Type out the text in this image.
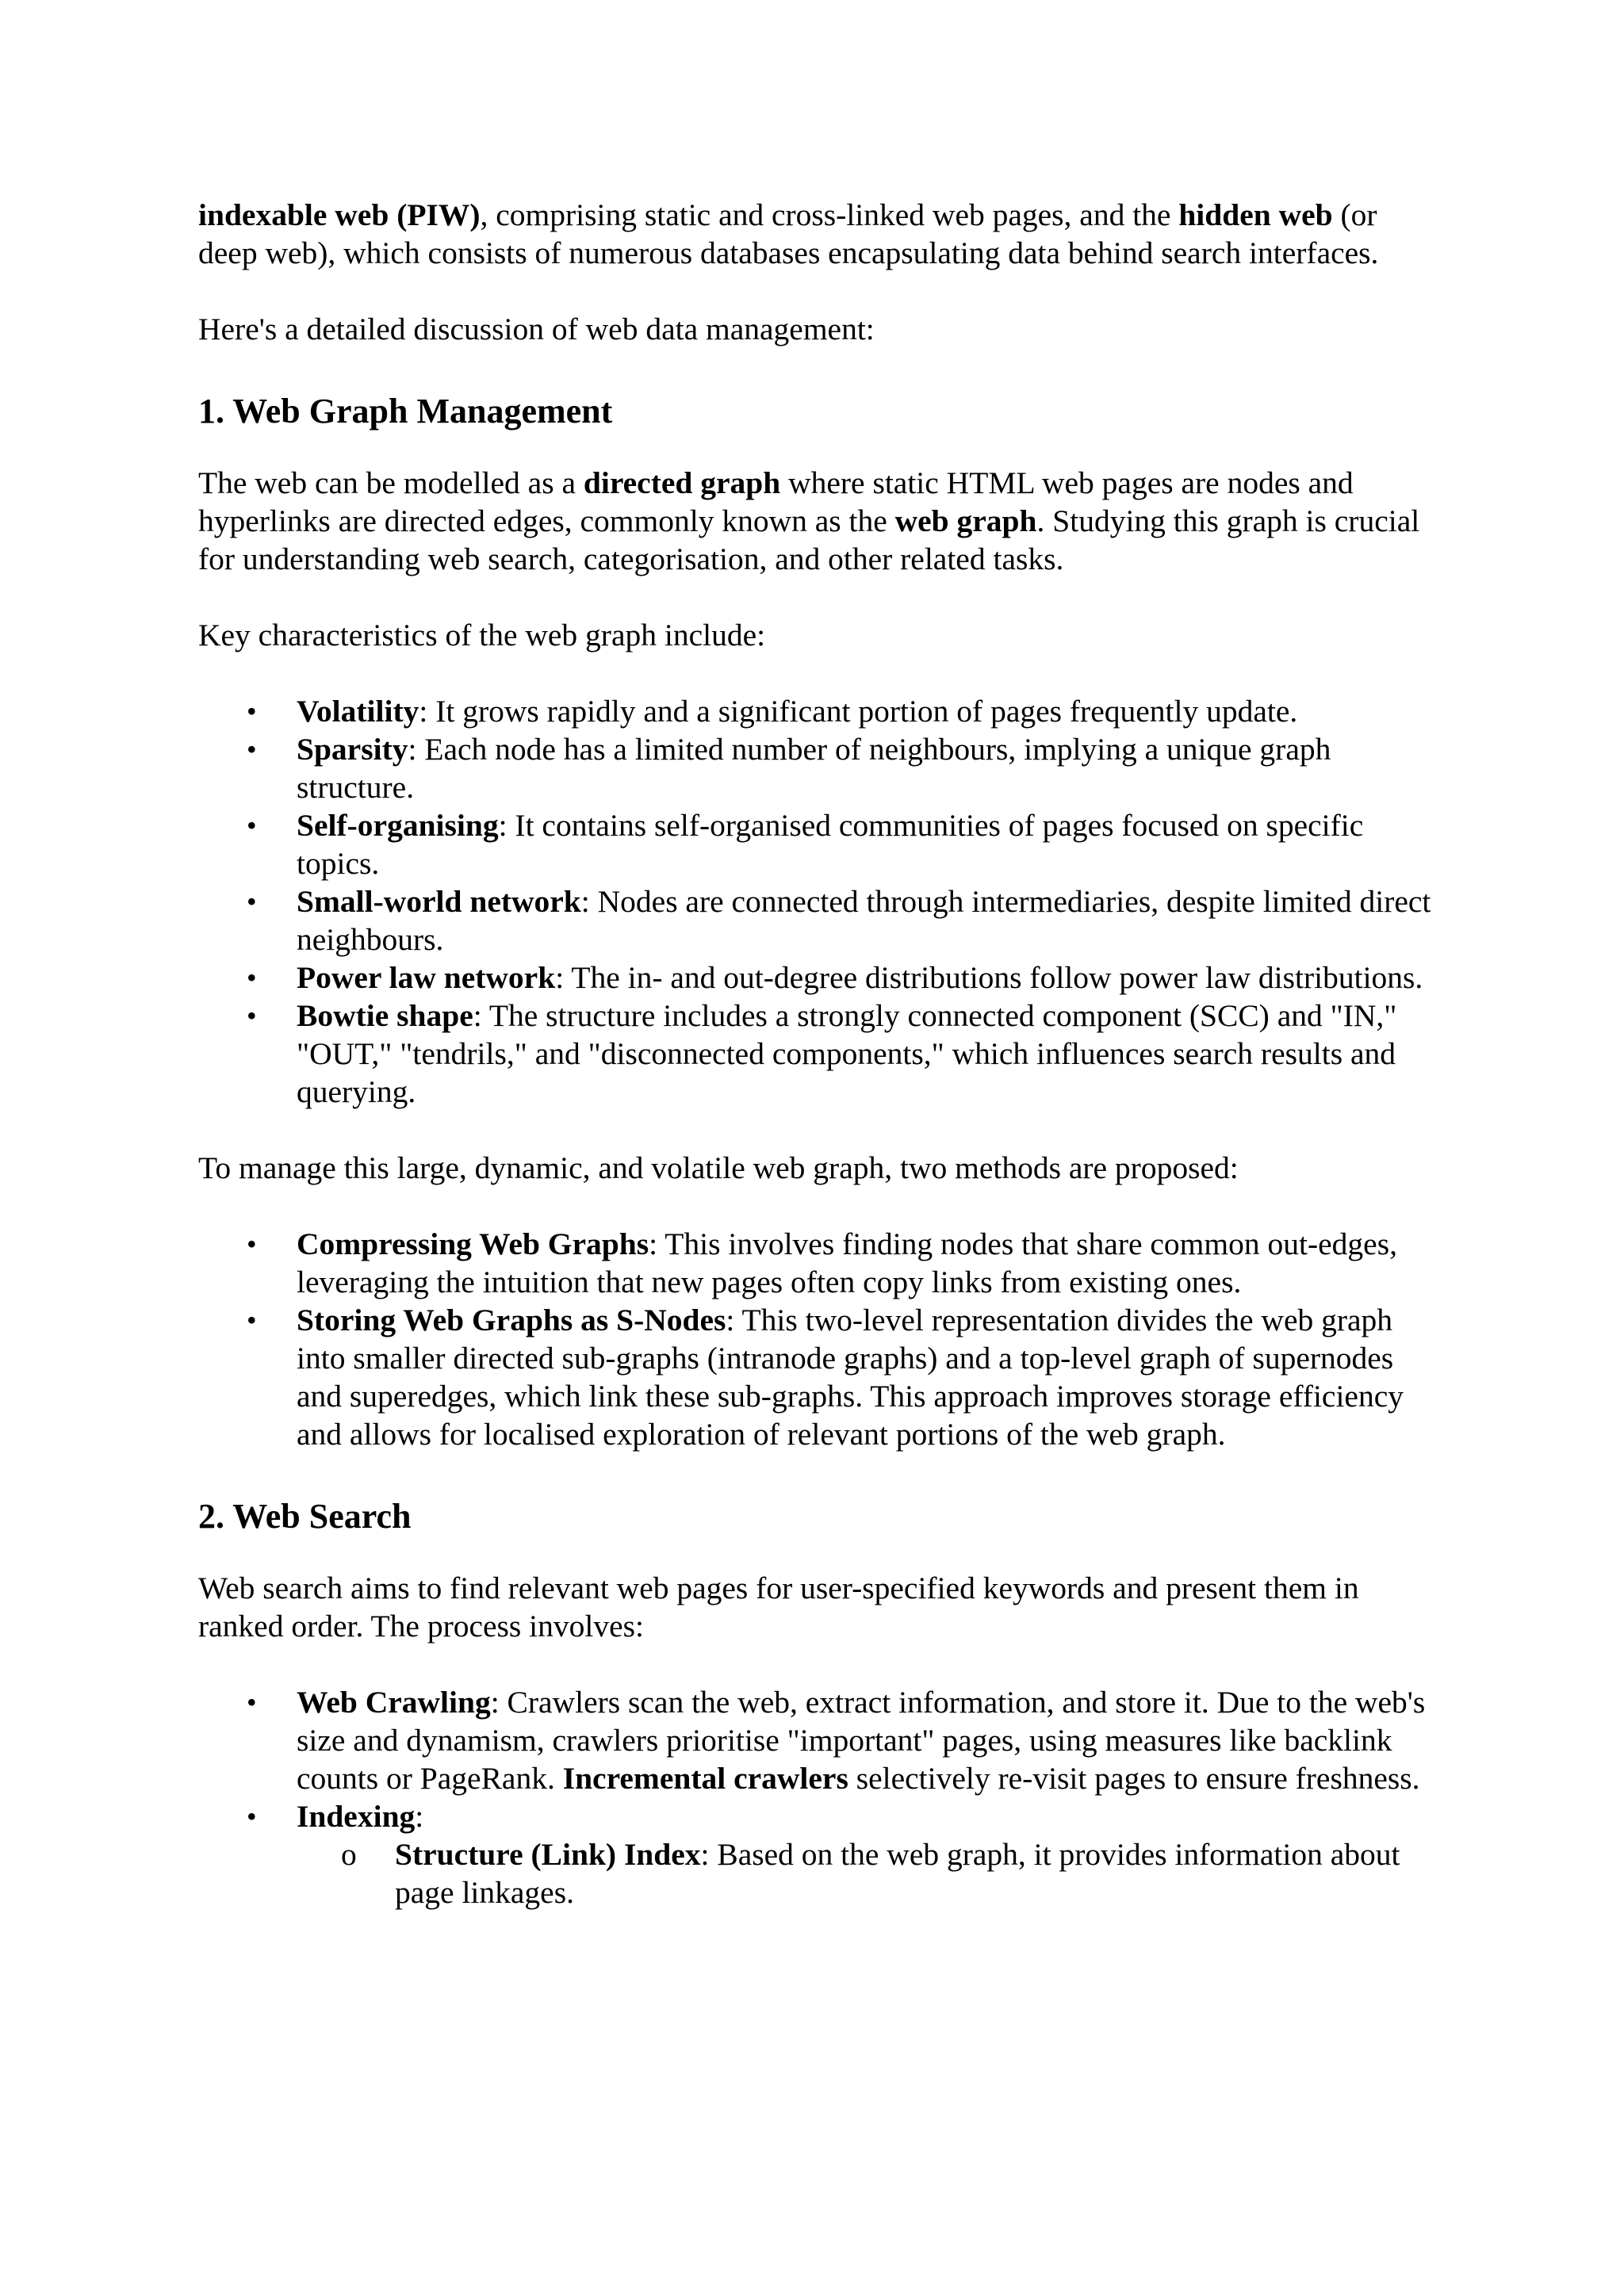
indexable web (PIW), comprising static and cross-linked web pages, and the hidden web (or deep web), which consists of numerous databases encapsulating data behind search interfaces.

Here's a detailed discussion of web data management:

1. Web Graph Management

The web can be modelled as a directed graph where static HTML web pages are nodes and hyperlinks are directed edges, commonly known as the web graph. Studying this graph is crucial for understanding web search, categorisation, and other related tasks.

Key characteristics of the web graph include:

• Volatility: It grows rapidly and a significant portion of pages frequently update.
• Sparsity: Each node has a limited number of neighbours, implying a unique graph structure.
• Self-organising: It contains self-organised communities of pages focused on specific topics.
• Small-world network: Nodes are connected through intermediaries, despite limited direct neighbours.
• Power law network: The in- and out-degree distributions follow power law distributions.
• Bowtie shape: The structure includes a strongly connected component (SCC) and "IN," "OUT," "tendrils," and "disconnected components," which influences search results and querying.

To manage this large, dynamic, and volatile web graph, two methods are proposed:

• Compressing Web Graphs: This involves finding nodes that share common out-edges, leveraging the intuition that new pages often copy links from existing ones.
• Storing Web Graphs as S-Nodes: This two-level representation divides the web graph into smaller directed sub-graphs (intranode graphs) and a top-level graph of supernodes and superedges, which link these sub-graphs. This approach improves storage efficiency and allows for localised exploration of relevant portions of the web graph.
2. Web Search

Web search aims to find relevant web pages for user-specified keywords and present them in ranked order. The process involves:

• Web Crawling: Crawlers scan the web, extract information, and store it. Due to the web's size and dynamism, crawlers prioritise "important" pages, using measures like backlink counts or PageRank. Incremental crawlers selectively re-visit pages to ensure freshness.
• Indexing:
o Structure (Link) Index: Based on the web graph, it provides information about page linkages.
